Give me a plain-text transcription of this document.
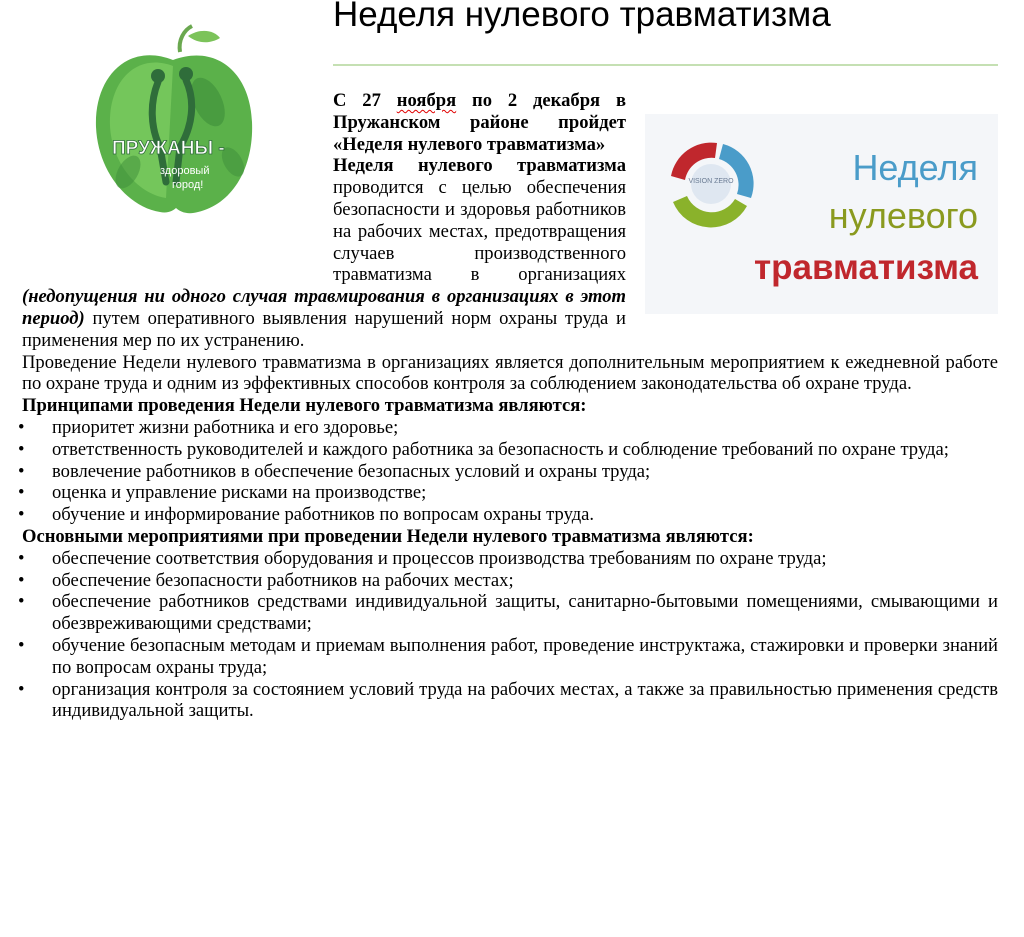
Неделя нулевого травматизма
ПРУЖАНЫ -
здоровый
город!	VISION ZERO	Неделя
нулевого
травматизма

С 27 ноября по 2 декабря в Пружанском районе пройдет «Неделя нулевого травматизма»

Неделя нулевого травматизма проводится с целью обеспечения безопасности и здоровья работников на рабочих местах, предотвращения случаев производственного травматизма в организациях (недопущения ни одного случая травмирования в организациях в этот период) путем оперативного выявления нарушений норм охраны труда и применения мер по их устранению.

Проведение Недели нулевого травматизма в организациях является дополнительным мероприятием к ежедневной работе по охране труда и одним из эффективных способов контроля за соблюдением законодательства об охране труда.

Принципами проведения Недели нулевого травматизма являются:

• приоритет жизни работника и его здоровье;
• ответственность руководителей и каждого работника за безопасность и соблюдение требований по охране труда;
• вовлечение работников в обеспечение безопасных условий и охраны труда;
• оценка и управление рисками на производстве;
• обучение и информирование работников по вопросам охраны труда.

Основными мероприятиями при проведении Недели нулевого травматизма являются:

• обеспечение соответствия оборудования и процессов производства требованиям по охране труда;
• обеспечение безопасности работников на рабочих местах;
• обеспечение работников средствами индивидуальной защиты, санитарно-бытовыми помещениями, смывающими и обезвреживающими средствами;
• обучение безопасным методам и приемам выполнения работ, проведение инструктажа, стажировки и проверки знаний по вопросам охраны труда;
• организация контроля за состоянием условий труда на рабочих местах, а также за правильностью применения средств индивидуальной защиты.
